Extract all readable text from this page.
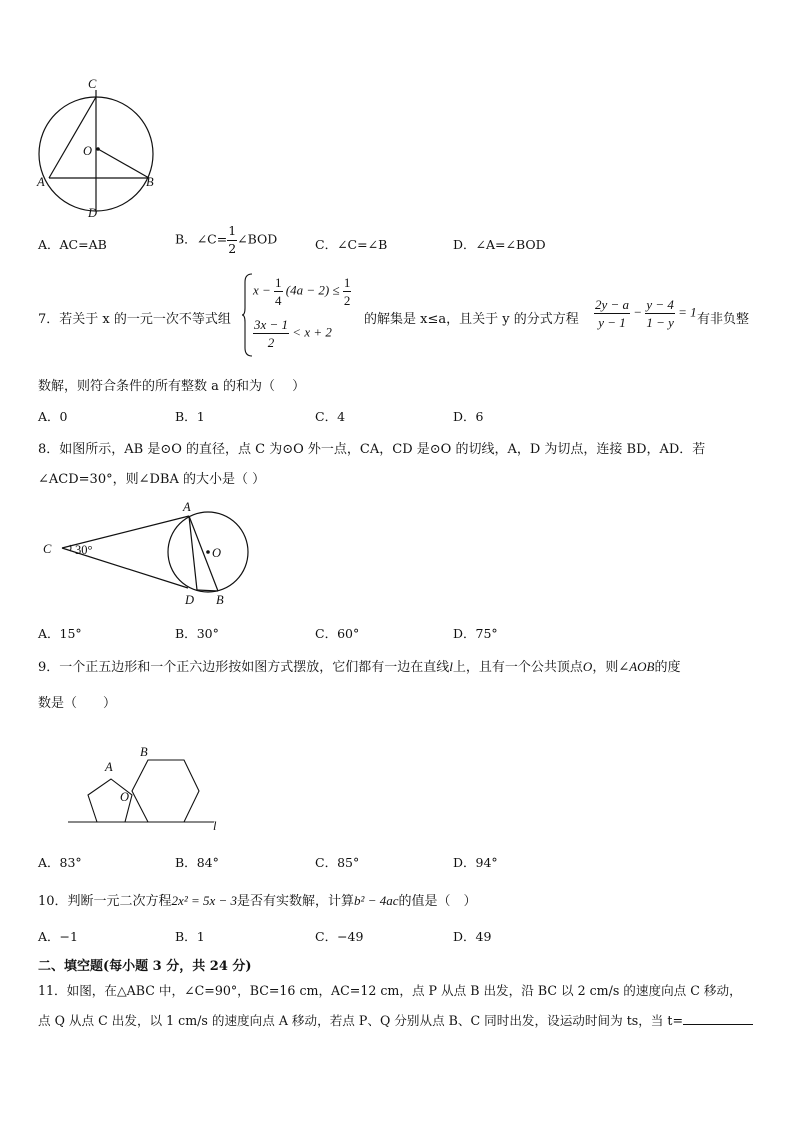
C
O
A	B
D
A．AC=AB	B．∠C= $\frac{1}{2}$ ∠BOD	C．∠C=∠B	D．∠A=∠BOD
7．若关于 x 的一元一次不等式组
$x - \frac{1}{4} (4a - 2) \le \frac{1}{2}$
$\frac{3x - 1}{2} < x + 2$
的解集是 x≤a，且关于 y 的分式方程 $\frac{2y - a}{y - 1} - \frac{y - 4}{1 - y} = 1$
有非负整
数解，则符合条件的所有整数 a 的和为（　 ）
A．0	B．1	C．4	D．6
8．如图所示，AB 是⊙O 的直径，点 C 为⊙O 外一点，CA，CD 是⊙O 的切线，A，D 为切点，连接 BD，AD．若
∠ACD=30°，则∠DBA 的大小是（ ）
C 30°
A
O
D B
A．15°	B．30°	C．60°	D．75°
9．一个正五边形和一个正六边形按如图方式摆放，它们都有一边在直线l上，且有一个公共顶点O，则∠AOB的度
数是（　　）
A
B
O
l
A．83°	B．84°	C．85°	D．94°
10．判断一元二次方程2x² = 5x − 3是否有实数解，计算b² − 4ac的值是（　）
A．−1	B．1	C．−49	D．49
二、填空题(每小题 3 分，共 24 分)
11．如图，在△ABC 中，∠C=90°，BC=16 cm，AC=12 cm，点 P 从点 B 出发，沿 BC 以 2 cm/s 的速度向点 C 移动，
点 Q 从点 C 出发，以 1 cm/s 的速度向点 A 移动，若点 P、Q 分别从点 B、C 同时出发，设运动时间为 ts，当 t=
